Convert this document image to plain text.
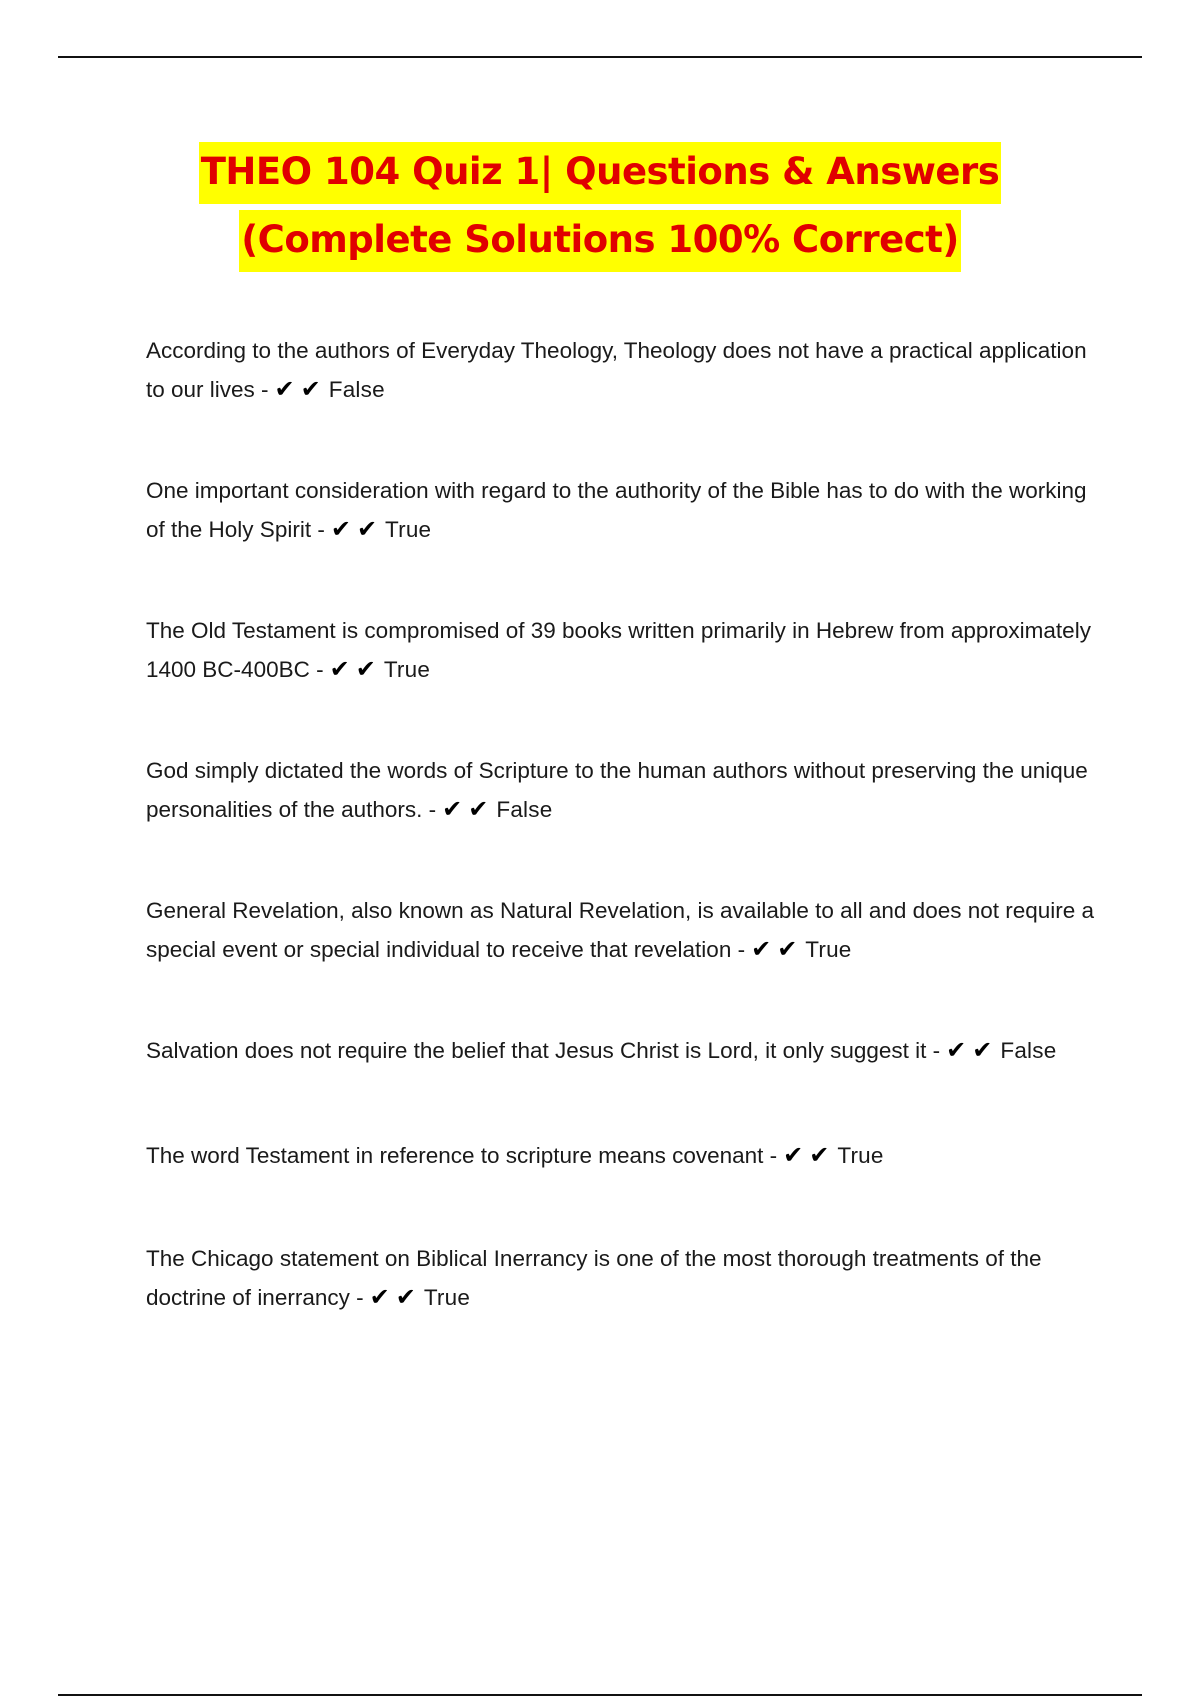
THEO 104 Quiz 1| Questions & Answers
(Complete Solutions 100% Correct)
According to the authors of Everyday Theology, Theology does not have a practical application to our lives - ✔✔False
One important consideration with regard to the authority of the Bible has to do with the working of the Holy Spirit - ✔✔True
The Old Testament is compromised of 39 books written primarily in Hebrew from approximately 1400 BC-400BC - ✔✔True
God simply dictated the words of Scripture to the human authors without preserving the unique personalities of the authors. - ✔✔False
General Revelation, also known as Natural Revelation, is available to all and does not require a special event or special individual to receive that revelation - ✔✔True
Salvation does not require the belief that Jesus Christ is Lord, it only suggest it - ✔✔False
The word Testament in reference to scripture means covenant - ✔✔True
The Chicago statement on Biblical Inerrancy is one of the most thorough treatments of the doctrine of inerrancy - ✔✔True
